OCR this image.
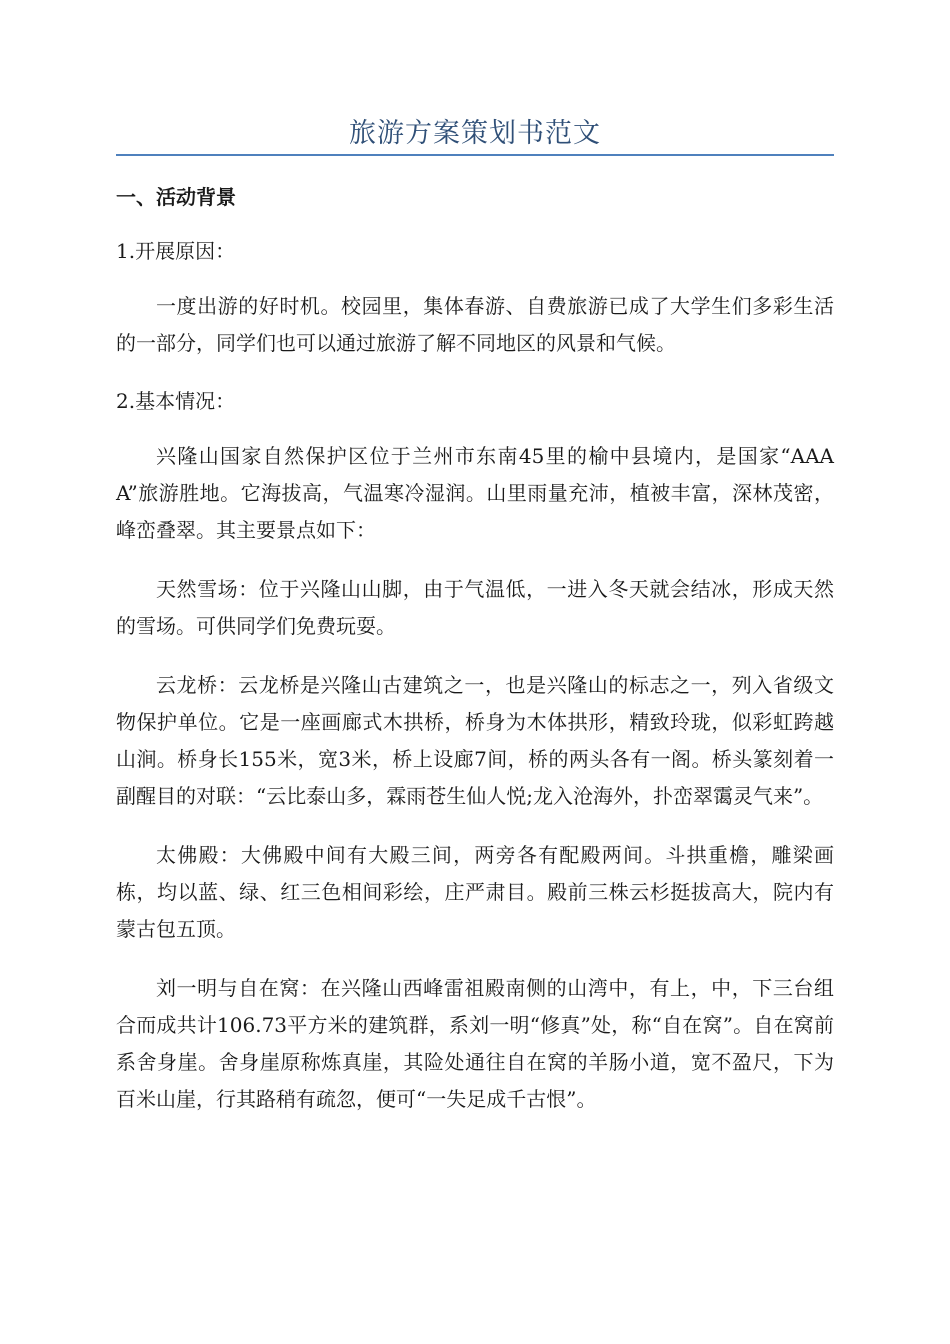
旅游方案策划书范文
一、活动背景
1.开展原因：

一度出游的好时机。校园里，集体春游、自费旅游已成了大学生们多彩生活的一部分，同学们也可以通过旅游了解不同地区的风景和气候。

2.基本情况：

兴隆山国家自然保护区位于兰州市东南45里的榆中县境内，是国家“AAAA”旅游胜地。它海拔高，气温寒冷湿润。山里雨量充沛，植被丰富，深林茂密，峰峦叠翠。其主要景点如下：

天然雪场：位于兴隆山山脚，由于气温低，一进入冬天就会结冰，形成天然的雪场。可供同学们免费玩耍。

云龙桥：云龙桥是兴隆山古建筑之一，也是兴隆山的标志之一，列入省级文物保护单位。它是一座画廊式木拱桥，桥身为木体拱形，精致玲珑，似彩虹跨越山涧。桥身长155米，宽3米，桥上设廊7间，桥的两头各有一阁。桥头篆刻着一副醒目的对联：“云比泰山多，霖雨苍生仙人悦;龙入沧海外，扑峦翠霭灵气来”。

太佛殿：大佛殿中间有大殿三间，两旁各有配殿两间。斗拱重檐，雕梁画栋，均以蓝、绿、红三色相间彩绘，庄严肃目。殿前三株云杉挺拔高大，院内有蒙古包五顶。

刘一明与自在窝：在兴隆山西峰雷祖殿南侧的山湾中，有上，中，下三台组合而成共计106.73平方米的建筑群，系刘一明“修真”处，称“自在窝”。自在窝前系舍身崖。舍身崖原称炼真崖，其险处通往自在窝的羊肠小道，宽不盈尺，下为百米山崖，行其路稍有疏忽，便可“一失足成千古恨”。
